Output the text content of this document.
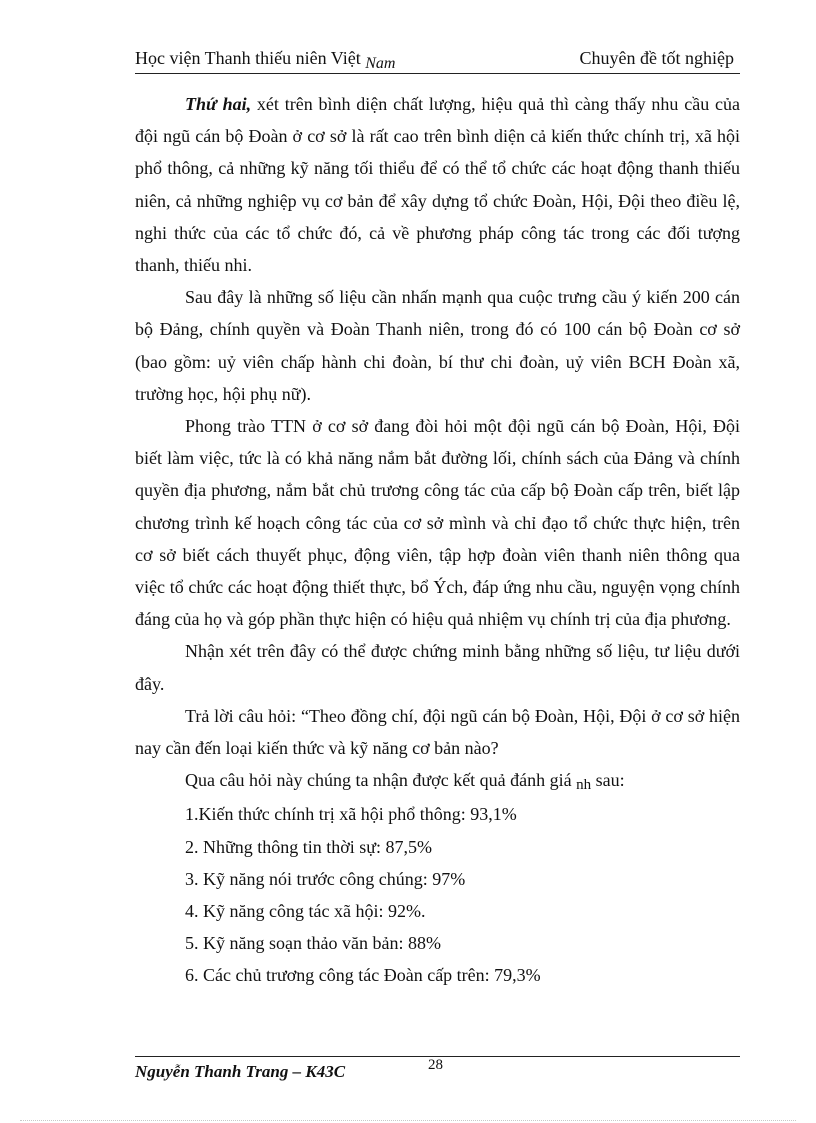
Học viện Thanh thiếu niên Việt Nam	Chuyên đề tốt nghiệp

Thứ hai, xét trên bình diện chất lượng, hiệu quả thì càng thấy nhu cầu của đội ngũ cán bộ Đoàn ở cơ sở là rất cao trên bình diện cả kiến thức chính trị, xã hội phổ thông, cả những kỹ năng tối thiểu để có thể tổ chức các hoạt động thanh thiếu niên, cả những nghiệp vụ cơ bản để xây dựng tổ chức Đoàn, Hội, Đội theo điều lệ, nghi thức của các tổ chức đó, cả về phương pháp công tác trong các đối tượng thanh, thiếu nhi.

Sau đây là những số liệu cần nhấn mạnh qua cuộc trưng cầu ý kiến 200 cán bộ Đảng, chính quyền và Đoàn Thanh niên, trong đó có 100 cán bộ Đoàn cơ sở (bao gồm: uỷ viên chấp hành chi đoàn, bí thư chi đoàn, uỷ viên BCH Đoàn xã, trường học, hội phụ nữ).

Phong trào TTN ở cơ sở đang đòi hỏi một đội ngũ cán bộ Đoàn, Hội, Đội biết làm việc, tức là có khả năng nắm bắt đường lối, chính sách của Đảng và chính quyền địa phương, nắm bắt chủ trương công tác của cấp bộ Đoàn cấp trên, biết lập chương trình kế hoạch công tác của cơ sở mình và chỉ đạo tổ chức thực hiện, trên cơ sở biết cách thuyết phục, động viên, tập hợp đoàn viên thanh niên thông qua việc tổ chức các hoạt động thiết thực, bổ Ých, đáp ứng nhu cầu, nguyện vọng chính đáng của họ và góp phần thực hiện có hiệu quả nhiệm vụ chính trị của địa phương.

Nhận xét trên đây có thể được chứng minh bằng những số liệu, tư liệu dưới đây.

Trả lời câu hỏi: “Theo đồng chí, đội ngũ cán bộ Đoàn, Hội, Đội ở cơ sở hiện nay cần đến loại kiến thức và kỹ năng cơ bản nào?

Qua câu hỏi này chúng ta nhận được kết quả đánh giá nh sau:

1.Kiến thức chính trị xã hội phổ thông: 93,1%
2. Những thông tin thời sự: 87,5%
3. Kỹ năng nói trước công chúng: 97%
4. Kỹ năng công tác xã hội: 92%.
5. Kỹ năng soạn thảo văn bản: 88%
6. Các chủ trương công tác Đoàn cấp trên: 79,3%
Nguyễn Thanh Trang – K43C	28
